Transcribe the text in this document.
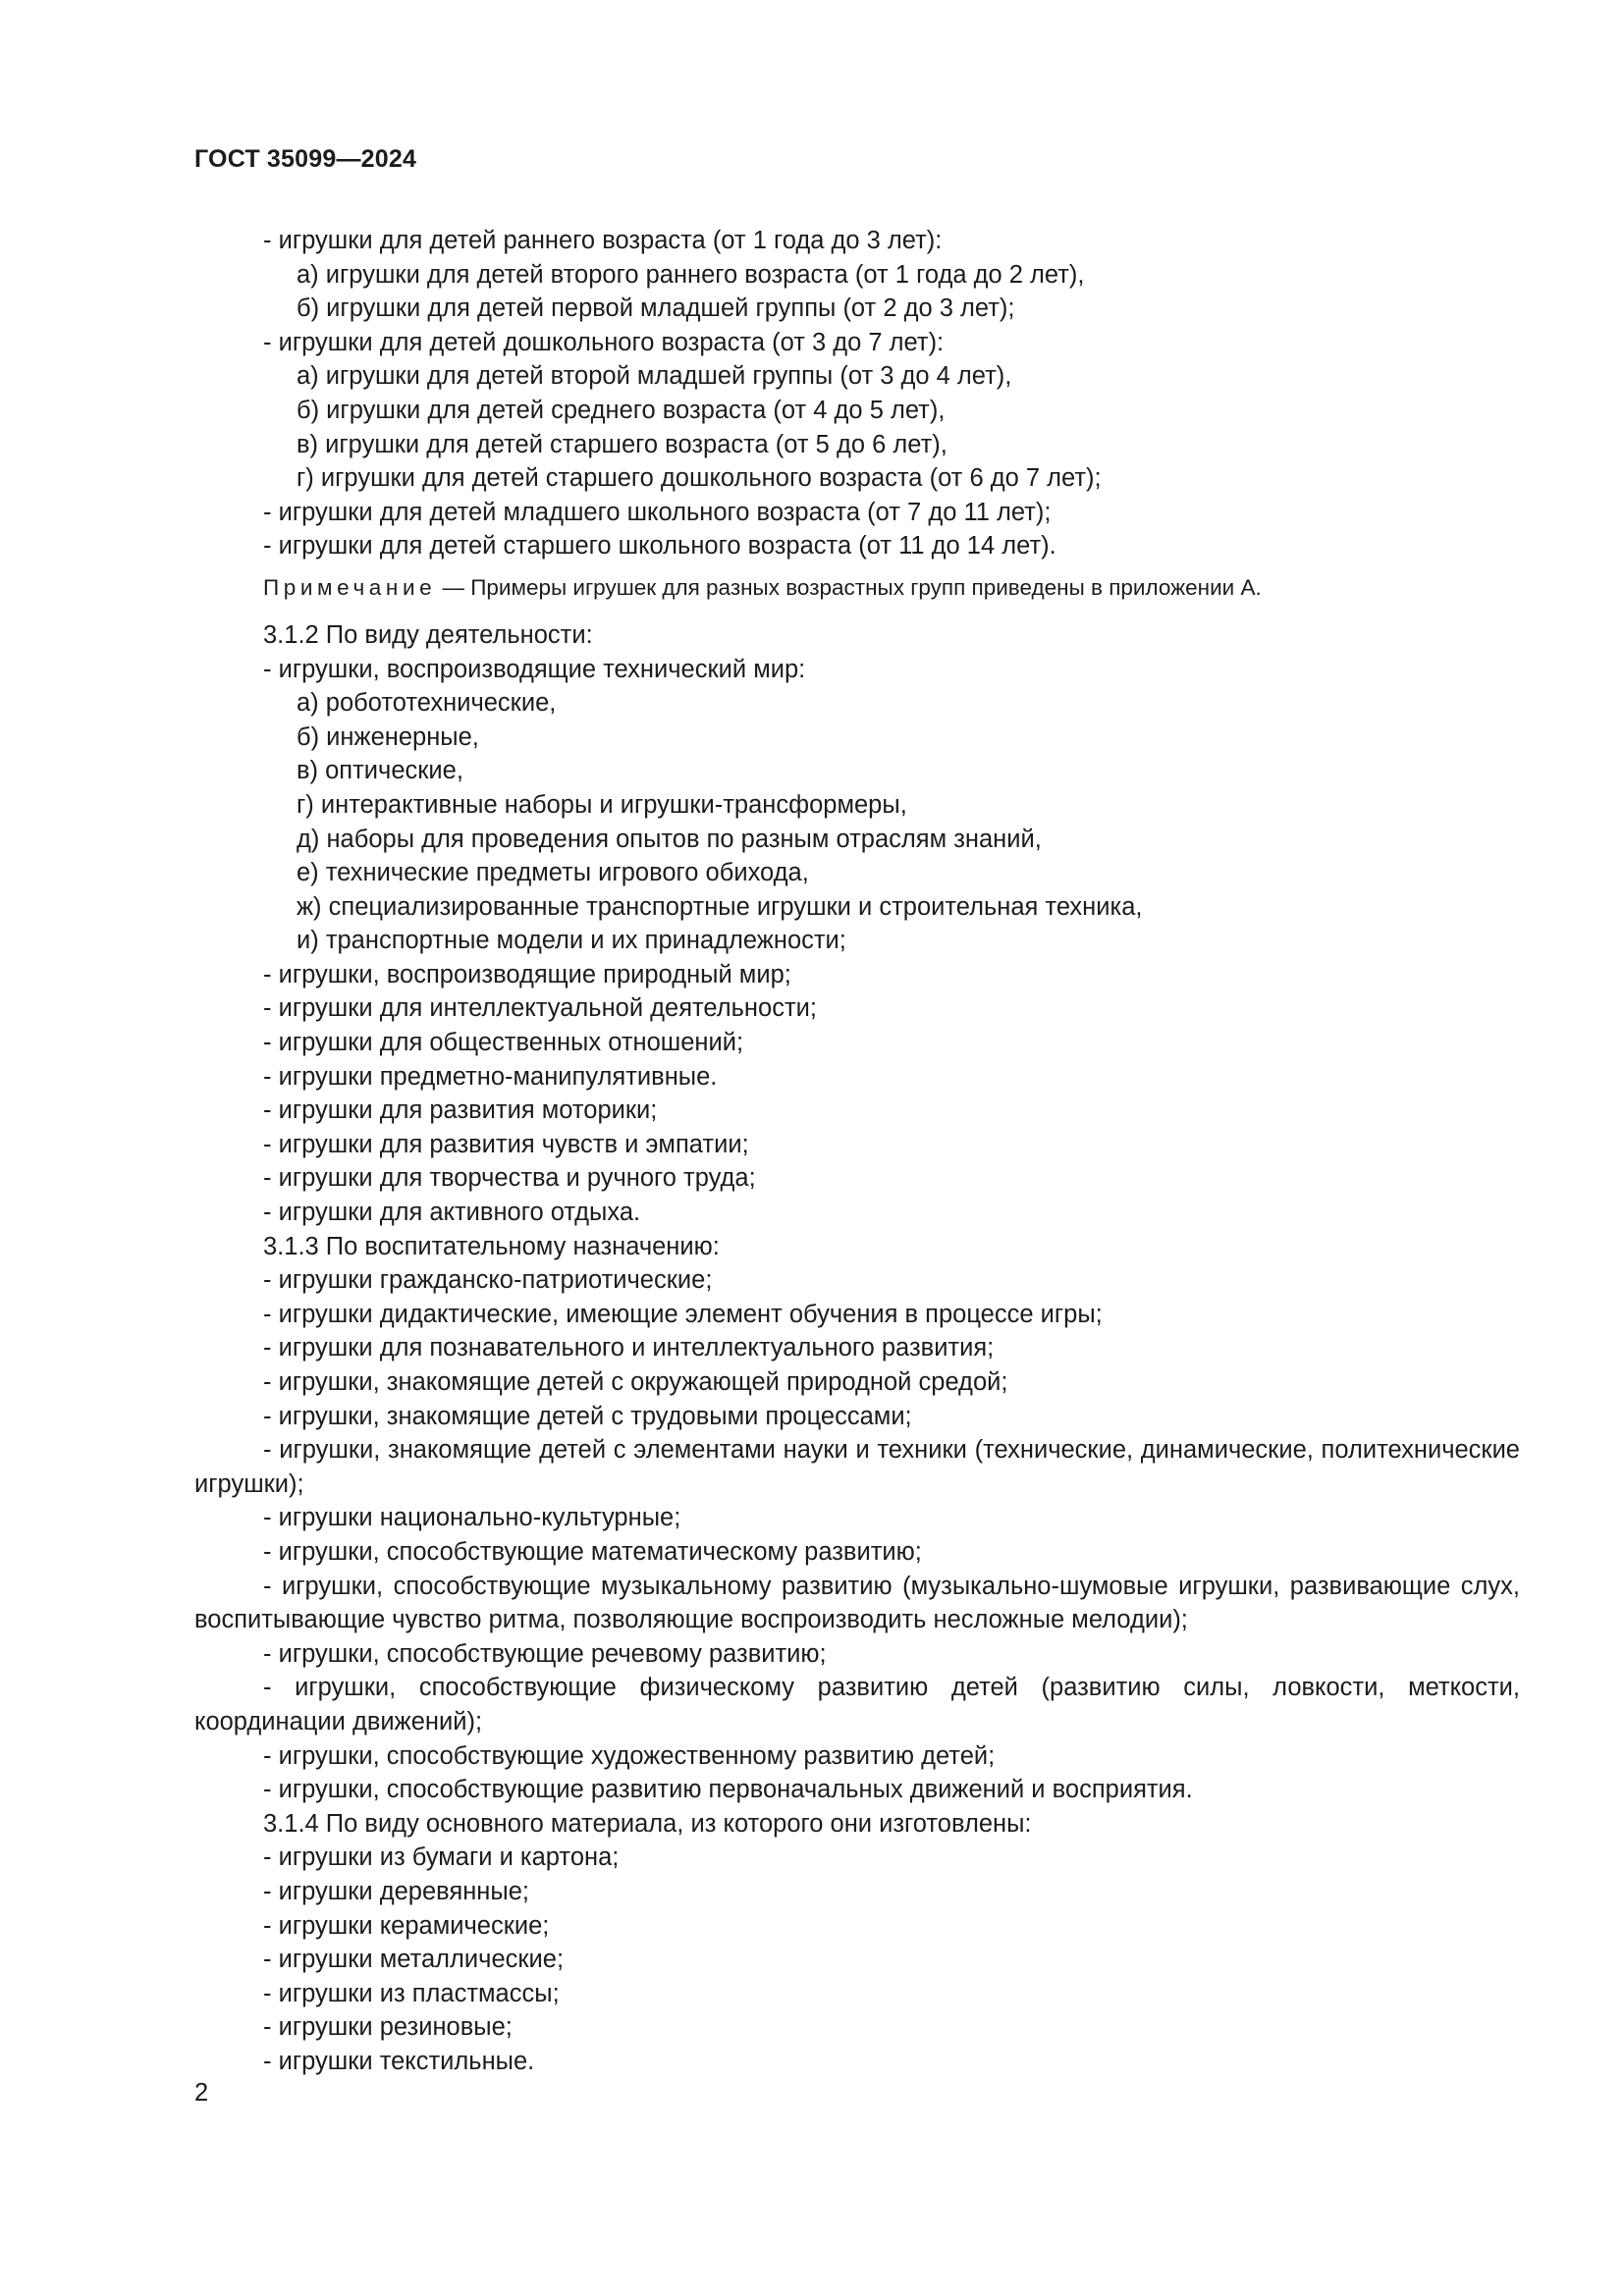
ГОСТ 35099—2024
- игрушки для детей раннего возраста (от 1 года до 3 лет):
а) игрушки для детей второго раннего возраста (от 1 года до 2 лет),
б) игрушки для детей первой младшей группы (от 2 до 3 лет);
- игрушки для детей дошкольного возраста (от 3 до 7 лет):
а) игрушки для детей второй младшей группы (от 3 до 4 лет),
б) игрушки для детей среднего возраста (от 4 до 5 лет),
в) игрушки для детей старшего возраста (от 5 до 6 лет),
г) игрушки для детей старшего дошкольного возраста (от 6 до 7 лет);
- игрушки для детей младшего школьного возраста (от 7 до 11 лет);
- игрушки для детей старшего школьного возраста (от 11 до 14 лет).
Примечание — Примеры игрушек для разных возрастных групп приведены в приложении А.
3.1.2 По виду деятельности:
- игрушки, воспроизводящие технический мир:
а) робототехнические,
б) инженерные,
в) оптические,
г) интерактивные наборы и игрушки-трансформеры,
д) наборы для проведения опытов по разным отраслям знаний,
е) технические предметы игрового обихода,
ж) специализированные транспортные игрушки и строительная техника,
и) транспортные модели и их принадлежности;
- игрушки, воспроизводящие природный мир;
- игрушки для интеллектуальной деятельности;
- игрушки для общественных отношений;
- игрушки предметно-манипулятивные.
- игрушки для развития моторики;
- игрушки для развития чувств и эмпатии;
- игрушки для творчества и ручного труда;
- игрушки для активного отдыха.
3.1.3 По воспитательному назначению:
- игрушки гражданско-патриотические;
- игрушки дидактические, имеющие элемент обучения в процессе игры;
- игрушки для познавательного и интеллектуального развития;
- игрушки, знакомящие детей с окружающей природной средой;
- игрушки, знакомящие детей с трудовыми процессами;
- игрушки, знакомящие детей с элементами науки и техники (технические, динамические, политехнические игрушки);
- игрушки национально-культурные;
- игрушки, способствующие математическому развитию;
- игрушки, способствующие музыкальному развитию (музыкально-шумовые игрушки, развивающие слух, воспитывающие чувство ритма, позволяющие воспроизводить несложные мелодии);
- игрушки, способствующие речевому развитию;
- игрушки, способствующие физическому развитию детей (развитию силы, ловкости, меткости, координации движений);
- игрушки, способствующие художественному развитию детей;
- игрушки, способствующие развитию первоначальных движений и восприятия.
3.1.4 По виду основного материала, из которого они изготовлены:
- игрушки из бумаги и картона;
- игрушки деревянные;
- игрушки керамические;
- игрушки металлические;
- игрушки из пластмассы;
- игрушки резиновые;
- игрушки текстильные.
2
